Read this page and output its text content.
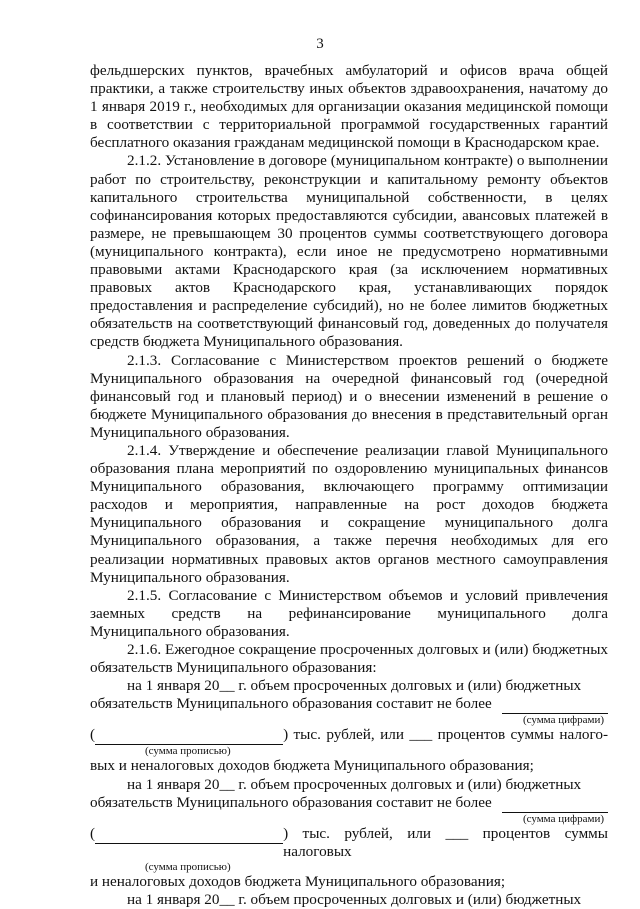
3

фельдшерских пунктов, врачебных амбулаторий и офисов врача общей практики, а также строительству иных объектов здравоохранения, начатому до 1 января 2019 г., необходимых для организации оказания медицинской помощи в соответствии с территориальной программой государственных гарантий бесплатного оказания гражданам медицинской помощи в Краснодарском крае.

2.1.2. Установление в договоре (муниципальном контракте) о выполнении работ по строительству, реконструкции и капитальному ремонту объектов капитального строительства муниципальной собственности, в целях софинансирования которых предоставляются субсидии, авансовых платежей в размере, не превышающем 30 процентов суммы соответствующего договора (муниципального контракта), если иное не предусмотрено нормативными правовыми актами Краснодарского края (за исключением нормативных правовых актов Краснодарского края, устанавливающих порядок предоставления и распределение субсидий), но не более лимитов бюджетных обязательств на соответствующий финансовый год, доведенных до получателя средств бюджета Муниципального образования.

2.1.3. Согласование с Министерством проектов решений о бюджете Муниципального образования на очередной финансовый год (очередной финансовый год и плановый период) и о внесении изменений в решение о бюджете Муниципального образования до внесения в представительный орган Муниципального образования.

2.1.4. Утверждение и обеспечение реализации главой Муниципального образования плана мероприятий по оздоровлению муниципальных финансов Муниципального образования, включающего программу оптимизации расходов и мероприятия, направленные на рост доходов бюджета Муниципального образования и сокращение муниципального долга Муниципального образования, а также перечня необходимых для его реализации нормативных правовых актов органов местного самоуправления Муниципального образования.

2.1.5. Согласование с Министерством объемов и условий привлечения заемных средств на рефинансирование муниципального долга Муниципального образования.

2.1.6. Ежегодное сокращение просроченных долговых и (или) бюджетных обязательств Муниципального образования:

на 1 января 20__ г. объем просроченных долговых и (или) бюджетных

обязательств Муниципального образования составит не более

(сумма цифрами)
(
	) тыс. рублей, или ___ процентов суммы налого-
(сумма прописью)

вых и неналоговых доходов бюджета Муниципального образования;

на 1 января 20__ г. объем просроченных долговых и (или) бюджетных

обязательств Муниципального образования составит не более

(сумма цифрами)
(
	) тыс. рублей, или ___ процентов суммы налоговых
(сумма прописью)

и неналоговых доходов бюджета Муниципального образования;

на 1 января 20__ г. объем просроченных долговых и (или) бюджетных
